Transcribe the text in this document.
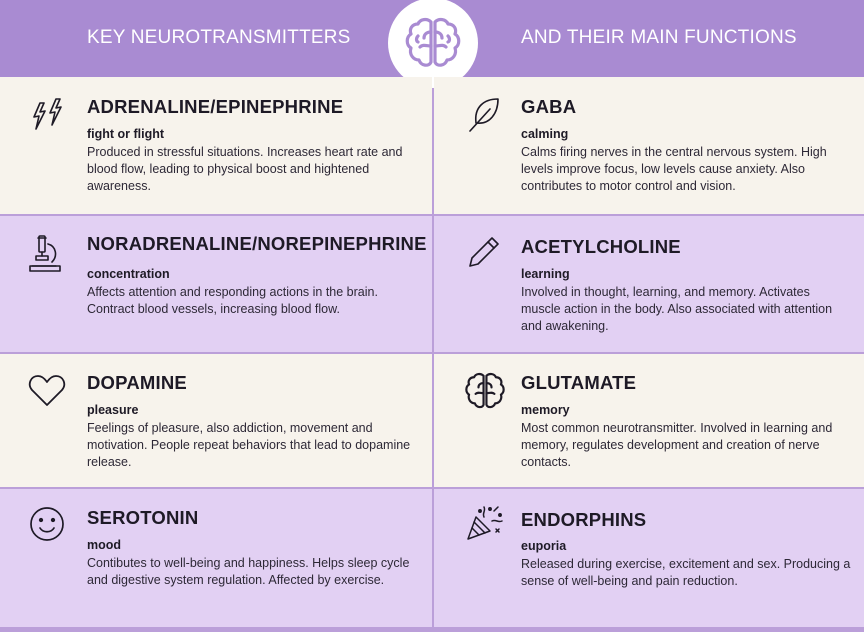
KEY NEUROTRANSMITTERS	AND THEIR MAIN FUNCTIONS
ADRENALINE/EPINEPHRINE
fight or flight
Produced in stressful situations. Increases heart rate and blood flow, leading to physical boost and hightened awareness.
GABA
calming
Calms firing nerves in the central nervous system. High levels improve focus, low levels cause anxiety. Also contributes to motor control and vision.
NORADRENALINE/NOREPINEPHRINE
concentration
Affects attention and responding actions in the brain. Contract blood vessels, increasing blood flow.
ACETYLCHOLINE
learning
Involved in thought, learning, and memory. Activates muscle action in the body. Also associated with attention and awakening.
DOPAMINE
pleasure
Feelings of pleasure, also addiction, movement and motivation. People repeat behaviors that lead to dopamine release.
GLUTAMATE
memory
Most common neurotransmitter. Involved in learning and memory, regulates development and creation of nerve contacts.
SEROTONIN
mood
Contibutes to well-being and happiness. Helps sleep cycle and digestive system regulation. Affected by exercise.
ENDORPHINS
euporia
Released during exercise, excitement and sex. Producing a sense of well-being and pain reduction.
